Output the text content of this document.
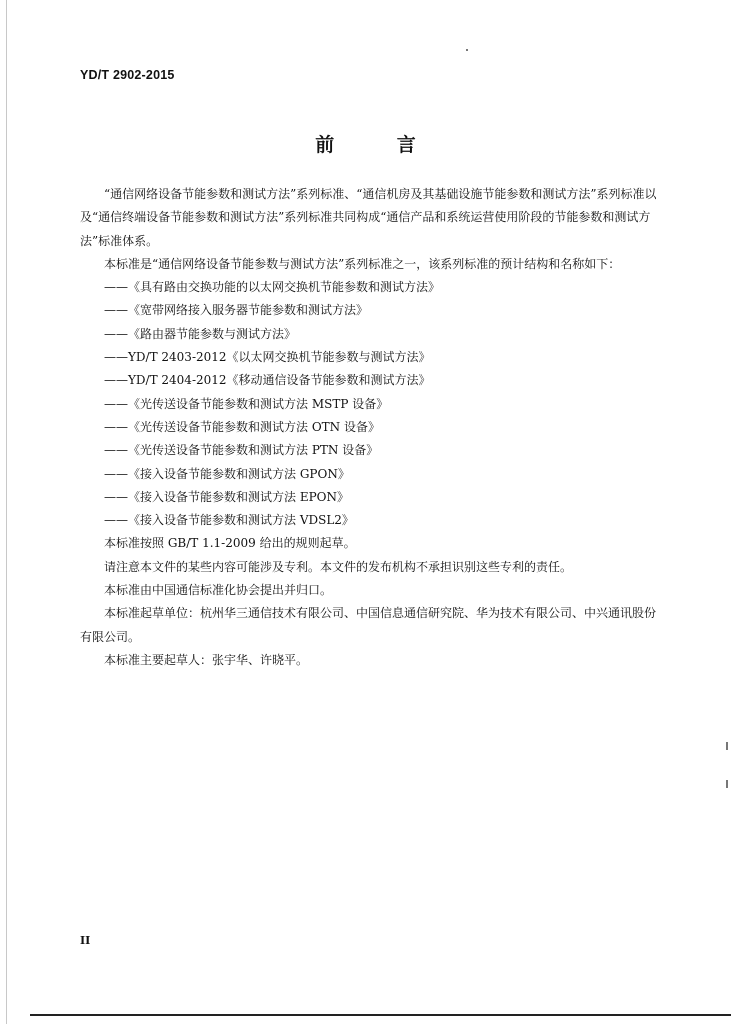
YD/T 2902-2015
前 言

“通信网络设备节能参数和测试方法”系列标准、“通信机房及其基础设施节能参数和测试方法”系列标准以及“通信终端设备节能参数和测试方法”系列标准共同构成“通信产品和系统运营使用阶段的节能参数和测试方法”标准体系。

本标准是“通信网络设备节能参数与测试方法”系列标准之一，该系列标准的预计结构和名称如下：

——《具有路由交换功能的以太网交换机节能参数和测试方法》

——《宽带网络接入服务器节能参数和测试方法》

——《路由器节能参数与测试方法》

——YD/T 2403-2012《以太网交换机节能参数与测试方法》

——YD/T 2404-2012《移动通信设备节能参数和测试方法》

——《光传送设备节能参数和测试方法 MSTP 设备》

——《光传送设备节能参数和测试方法 OTN 设备》

——《光传送设备节能参数和测试方法 PTN 设备》

——《接入设备节能参数和测试方法 GPON》

——《接入设备节能参数和测试方法 EPON》

——《接入设备节能参数和测试方法 VDSL2》

本标准按照 GB/T 1.1-2009 给出的规则起草。

请注意本文件的某些内容可能涉及专利。本文件的发布机构不承担识别这些专利的责任。

本标准由中国通信标准化协会提出并归口。

本标准起草单位：杭州华三通信技术有限公司、中国信息通信研究院、华为技术有限公司、中兴通讯股份有限公司。

本标准主要起草人：张宇华、许晓平。

II
